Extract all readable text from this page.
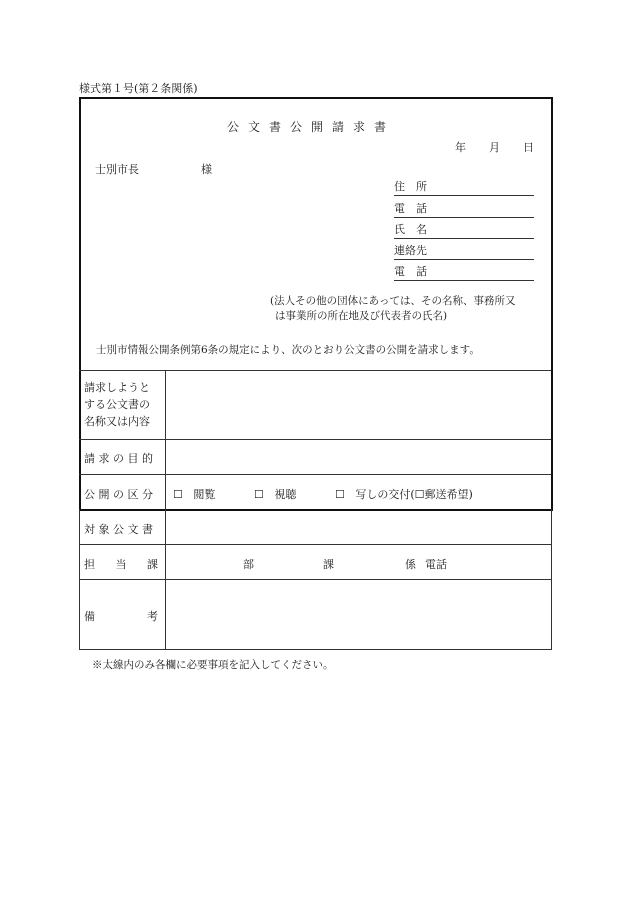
様式第１号(第２条関係)
公文書公開請求書
年 月 日
士別市長	様
住　所
電　話
氏　名
連絡先
電　話
(法人その他の団体にあっては、その名称、事務所又
は事業所の所在地及び代表者の氏名)
士別市情報公開条例第6条の規定により、次のとおり公文書の公開を請求します。
請求しようと
する公文書の
名称又は内容
請 求 の 目 的
公 開 の 区 分 ☐ 閲覧	☐ 視聴	☐ 写しの交付(☐郵送希望)
対 象 公 文 書
担 当 課	部	課	係 電話
備	考
※太線内のみ各欄に必要事項を記入してください。
